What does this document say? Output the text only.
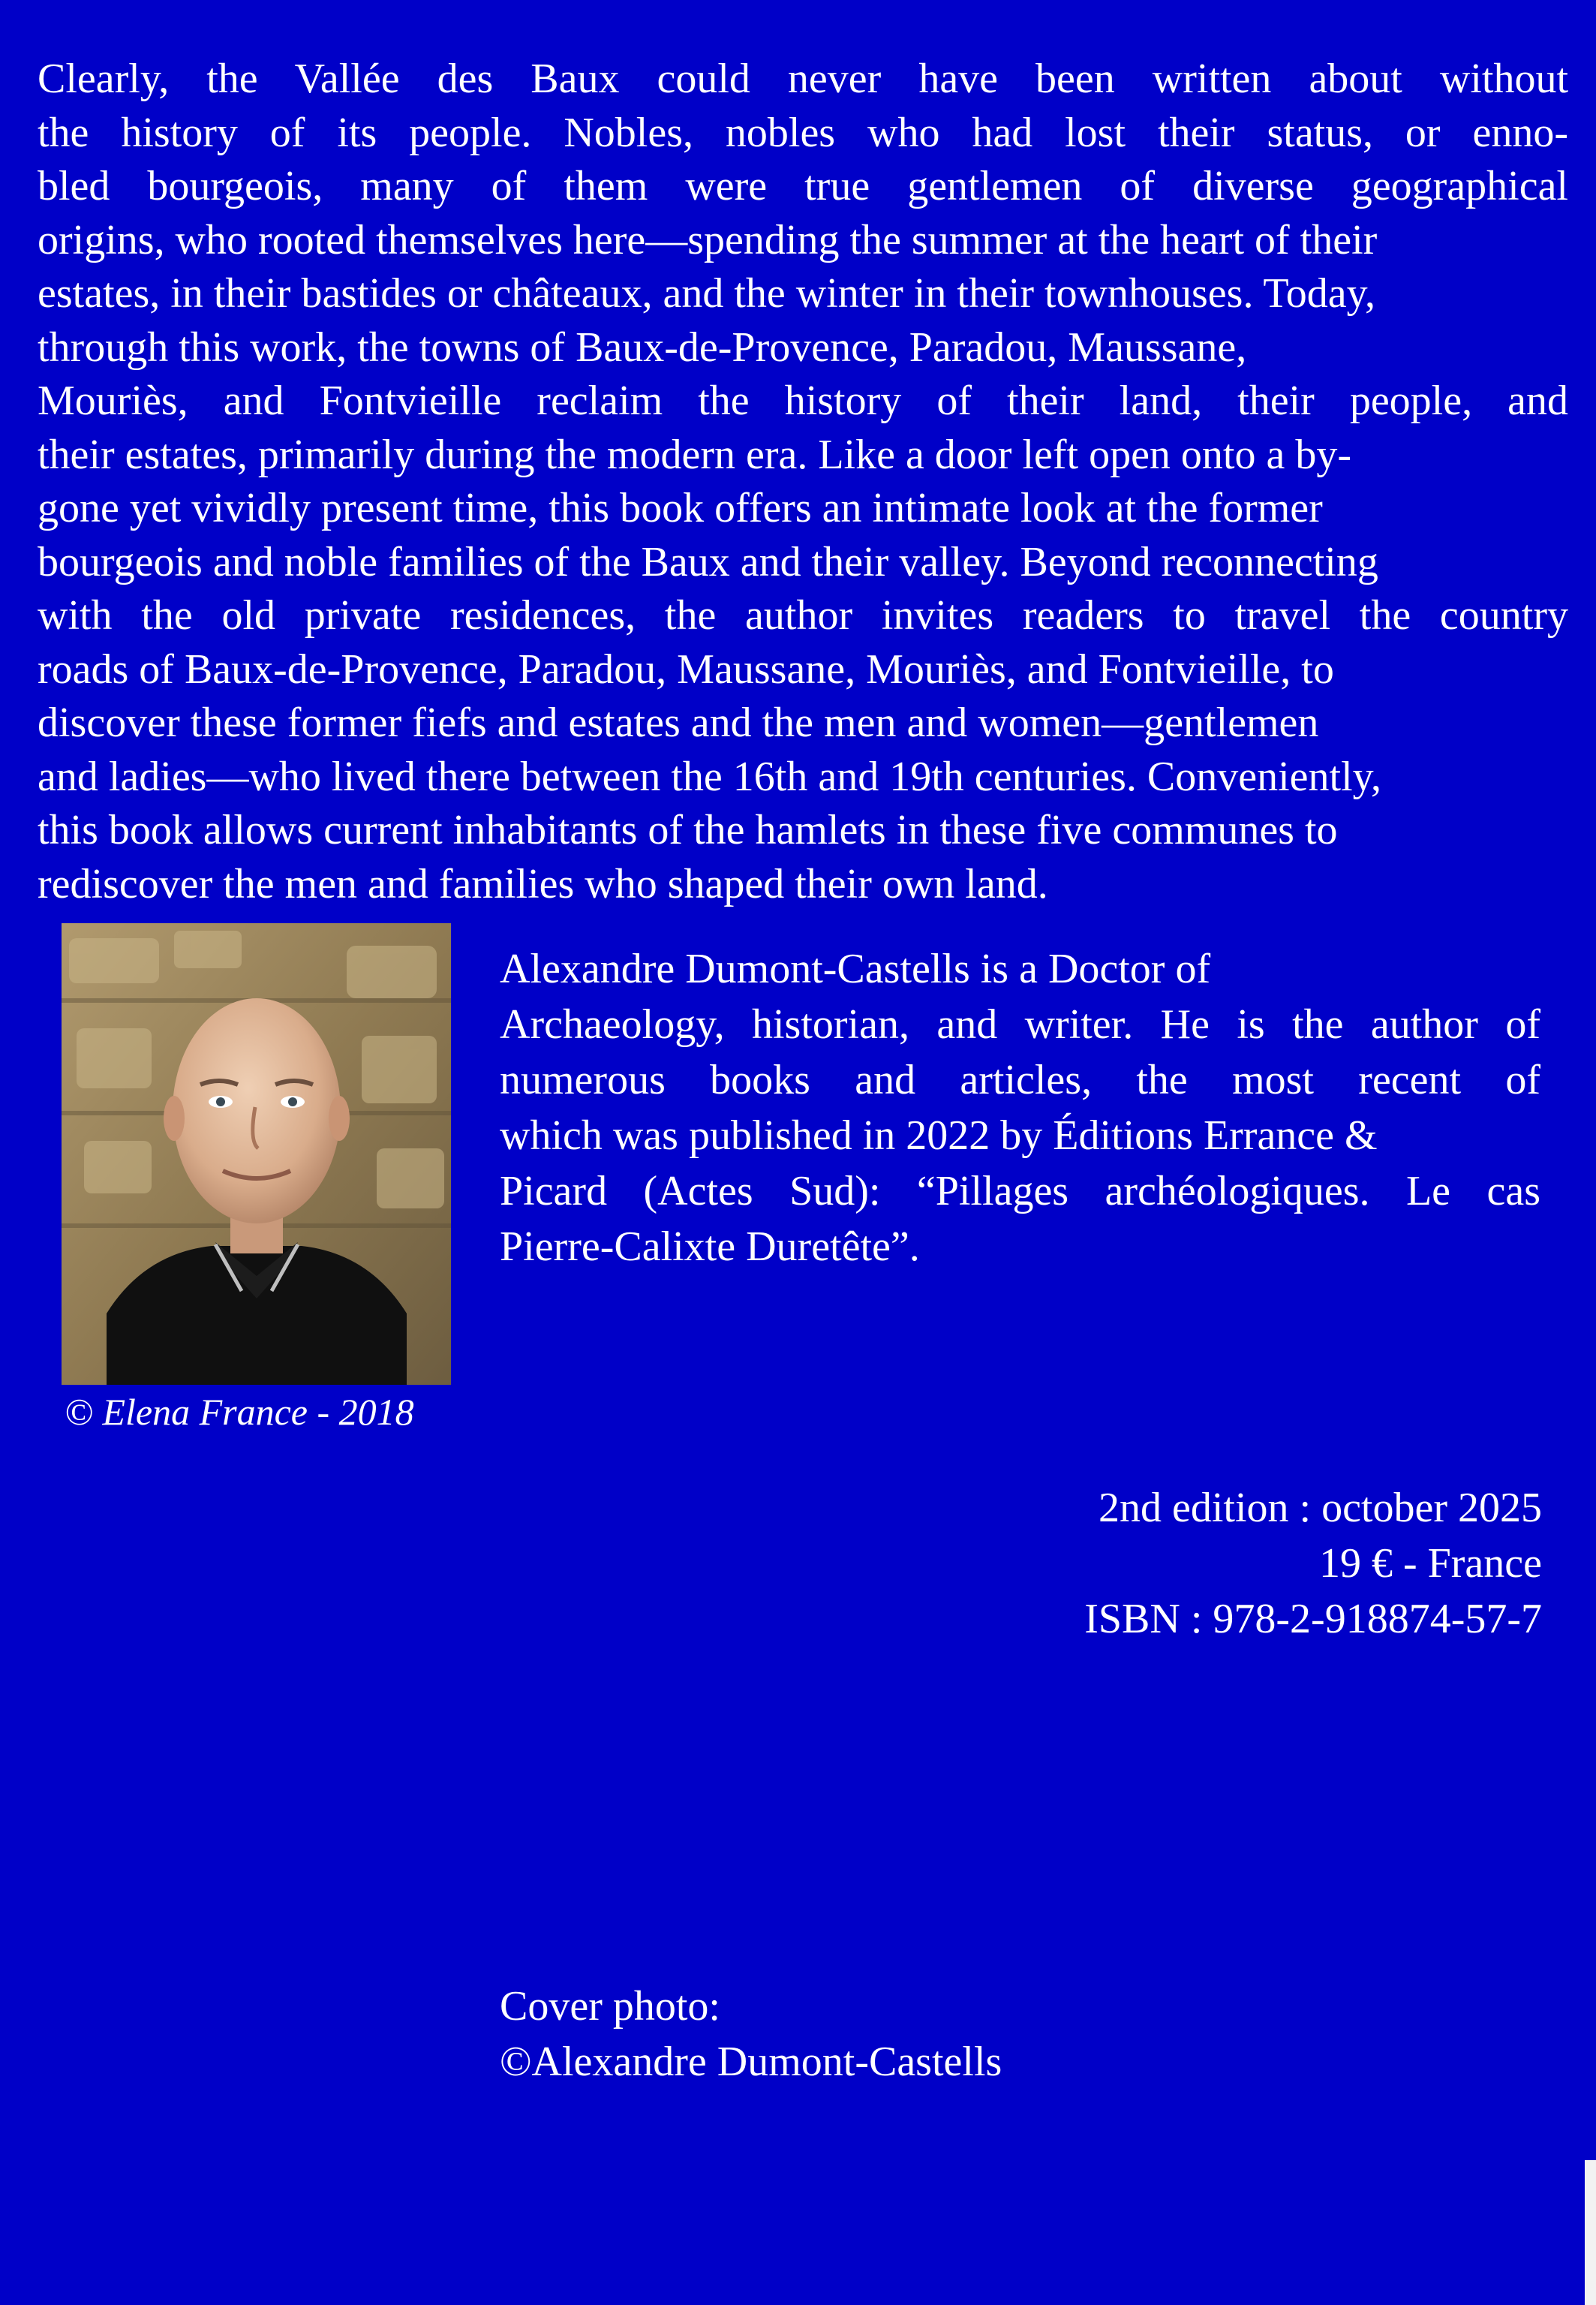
Clearly, the Vallée des Baux could never have been written about without
the history of its people. Nobles, nobles who had lost their status, or enno-
bled bourgeois, many of them were true gentlemen of diverse geographical
origins, who rooted themselves here—spending the summer at the heart of their
estates, in their bastides or châteaux, and the winter in their townhouses. Today,
through this work, the towns of Baux-de-Provence, Paradou, Maussane,
Mouriès, and Fontvieille reclaim the history of their land, their people, and
their estates, primarily during the modern era. Like a door left open onto a by-
gone yet vividly present time, this book offers an intimate look at the former
bourgeois and noble families of the Baux and their valley. Beyond reconnecting
with the old private residences, the author invites readers to travel the country
roads of Baux-de-Provence, Paradou, Maussane, Mouriès, and Fontvieille, to
discover these former fiefs and estates and the men and women—gentlemen
and ladies—who lived there between the 16th and 19th centuries. Conveniently,
this book allows current inhabitants of the hamlets in these five communes to
rediscover the men and families who shaped their own land.

© Elena France - 2018

Alexandre Dumont-Castells is a Doctor of
Archaeology, historian, and writer. He is the author of
numerous books and articles, the most recent of
which was published in 2022 by Éditions Errance &
Picard (Actes Sud): “Pillages archéologiques. Le cas
Pierre-Calixte Duretête”.

2nd edition : october 2025
19 € - France
ISBN : 978-2-918874-57-7
Cover photo:
©Alexandre Dumont-Castells
